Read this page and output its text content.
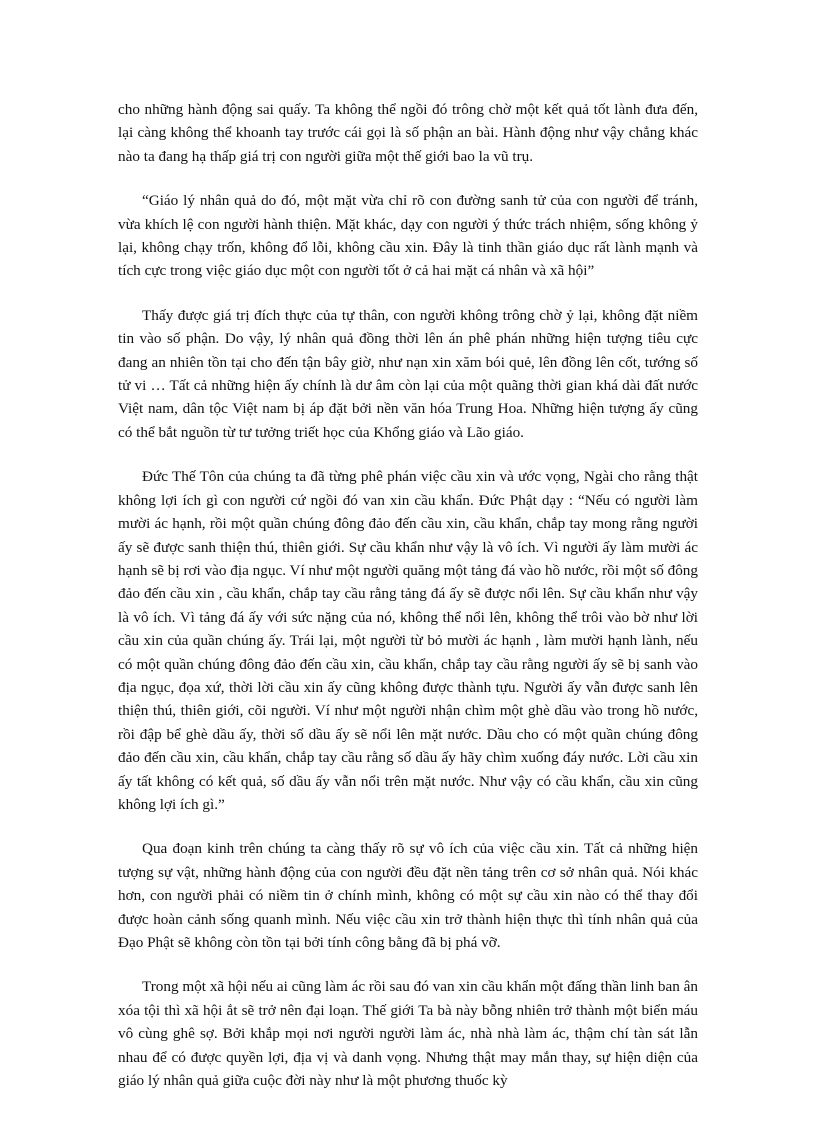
cho những hành động sai quấy. Ta không thể ngồi đó trông chờ một kết quả tốt lành đưa đến, lại càng không thể khoanh tay trước cái gọi là số phận an bài. Hành động như vậy chẳng khác nào ta đang hạ thấp giá trị con người giữa một thế giới bao la vũ trụ.

“Giáo lý nhân quả do đó, một mặt vừa chỉ rõ con đường sanh tử của con người để tránh, vừa khích lệ con người hành thiện. Mặt khác, dạy con người ý thức trách nhiệm, sống không ỷ lại, không chạy trốn, không đổ lỗi, không cầu xin. Đây là tinh thần giáo dục rất lành mạnh và tích cực trong việc giáo dục một con người tốt ở cả hai mặt cá nhân và xã hội”

Thấy được giá trị đích thực của tự thân, con người không trông chờ ỷ lại, không đặt niềm tin vào số phận. Do vậy, lý nhân quả đồng thời lên án phê phán những hiện tượng tiêu cực đang an nhiên tồn tại cho đến tận bây giờ, như nạn xin xăm bói quẻ, lên đồng lên cốt, tướng số tử vi … Tất cả những hiện ấy chính là dư âm còn lại của một quãng thời gian khá dài đất nước Việt nam, dân tộc Việt nam bị áp đặt bởi nền văn hóa Trung Hoa. Những hiện tượng ấy cũng có thể bắt nguồn từ tư tưởng triết học của Khổng giáo và Lão giáo.

Đức Thế Tôn của chúng ta đã từng phê phán việc cầu xin và ước vọng, Ngài cho rằng thật không lợi ích gì con người cứ ngồi đó van xin cầu khẩn. Đức Phật dạy : “Nếu có người làm mười ác hạnh, rồi một quần chúng đông đảo đến cầu xin, cầu khẩn, chắp tay mong rằng người ấy sẽ được sanh thiện thú, thiên giới. Sự cầu khẩn như vậy là vô ích. Vì người ấy làm mười ác hạnh sẽ bị rơi vào địa ngục. Ví như một người quăng một tảng đá vào hồ nước, rồi một số đông đảo đến cầu xin , cầu khẩn, chắp tay cầu rằng tảng đá ấy sẽ được nổi lên. Sự cầu khẩn như vậy là vô ích. Vì tảng đá ấy với sức nặng của nó, không thể nổi lên, không thể trôi vào bờ như lời cầu xin của quần chúng ấy. Trái lại, một người từ bỏ mười ác hạnh , làm mười hạnh lành, nếu có một quần chúng đông đảo đến cầu xin, cầu khẩn, chắp tay cầu rằng người ấy sẽ bị sanh vào địa ngục, đọa xứ, thời lời cầu xin ấy cũng không được thành tựu. Người ấy vẫn được sanh lên thiện thú, thiên giới, cõi người. Ví như một người nhận chìm một ghè dầu vào trong hồ nước, rồi đập bể ghè dầu ấy, thời số dầu ấy sẽ nổi lên mặt nước. Dầu cho có một quần chúng đông đảo đến cầu xin, cầu khẩn, chắp tay cầu rằng số dầu ấy hãy chìm xuống đáy nước. Lời cầu xin ấy tất không có kết quả, số dầu ấy vẫn nổi trên mặt nước. Như vậy có cầu khẩn, cầu xin cũng không lợi ích gì.”

Qua đoạn kinh trên chúng ta càng thấy rõ sự vô ích của việc cầu xin. Tất cả những hiện tượng sự vật, những hành động của con người đều đặt nền tảng trên cơ sở nhân quả. Nói khác hơn, con người phải có niềm tin ở chính mình, không có một sự cầu xin nào có thể thay đổi được hoàn cảnh sống quanh mình. Nếu việc cầu xin trở thành hiện thực thì tính nhân quả của Đạo Phật sẽ không còn tồn tại bởi tính công bằng đã bị phá vỡ.

Trong một xã hội nếu ai cũng làm ác rồi sau đó van xin cầu khẩn một đấng thần linh ban ân xóa tội thì xã hội ắt sẽ trở nên đại loạn. Thế giới Ta bà này bỗng nhiên trở thành một biển máu vô cùng ghê sợ. Bởi khắp mọi nơi người người làm ác, nhà nhà làm ác, thậm chí tàn sát lẫn nhau để có được quyền lợi, địa vị và danh vọng. Nhưng thật may mắn thay, sự hiện diện của giáo lý nhân quả giữa cuộc đời này như là một phương thuốc kỳ
